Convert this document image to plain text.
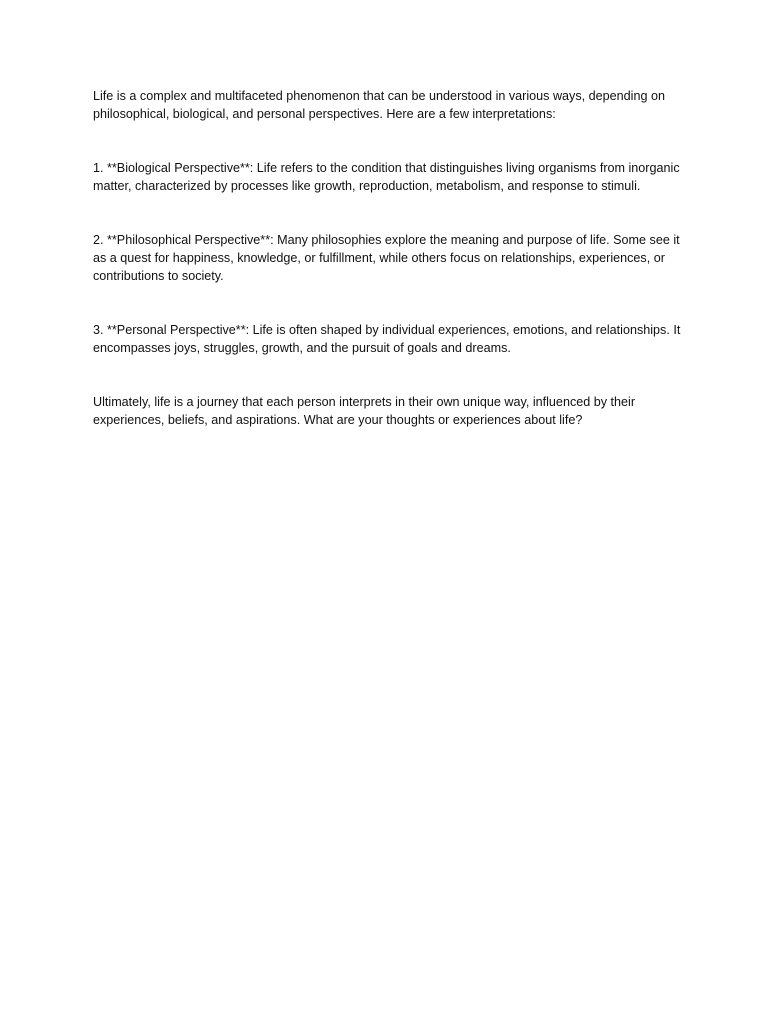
Life is a complex and multifaceted phenomenon that can be understood in various ways, depending on philosophical, biological, and personal perspectives. Here are a few interpretations:

1. **Biological Perspective**: Life refers to the condition that distinguishes living organisms from inorganic matter, characterized by processes like growth, reproduction, metabolism, and response to stimuli.

2. **Philosophical Perspective**: Many philosophies explore the meaning and purpose of life. Some see it as a quest for happiness, knowledge, or fulfillment, while others focus on relationships, experiences, or contributions to society.

3. **Personal Perspective**: Life is often shaped by individual experiences, emotions, and relationships. It encompasses joys, struggles, growth, and the pursuit of goals and dreams.

Ultimately, life is a journey that each person interprets in their own unique way, influenced by their experiences, beliefs, and aspirations. What are your thoughts or experiences about life?
